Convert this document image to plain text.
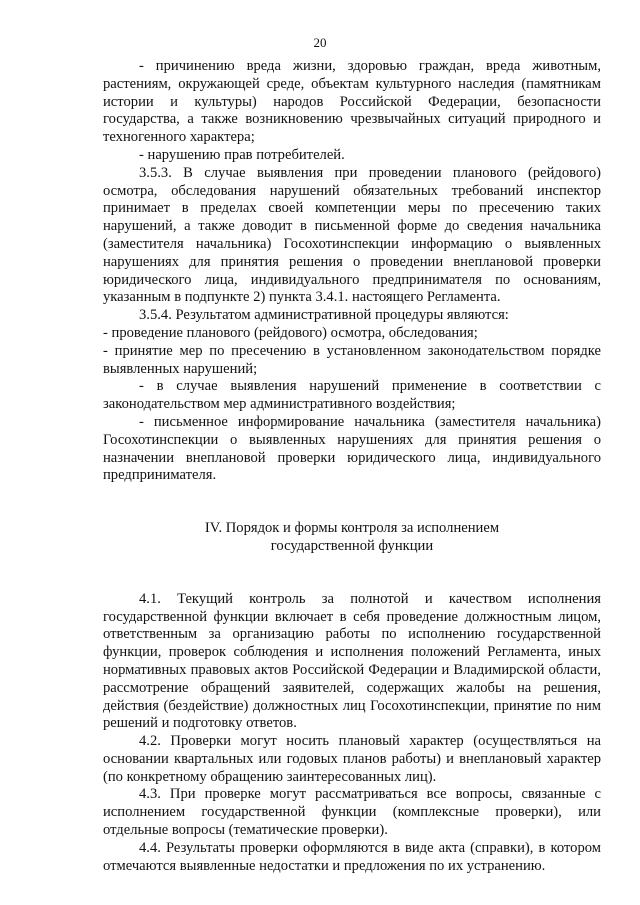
20

- причинению вреда жизни, здоровью граждан, вреда животным, растениям, окружающей среде, объектам культурного наследия (памятникам истории и культуры) народов Российской Федерации, безопасности государства, а также возникновению чрезвычайных ситуаций природного и техногенного характера;

- нарушению прав потребителей.

3.5.3. В случае выявления при проведении планового (рейдового) осмотра, обследования нарушений обязательных требований инспектор принимает в пределах своей компетенции меры по пресечению таких нарушений, а также доводит в письменной форме до сведения начальника (заместителя начальника) Госохотинспекции информацию о выявленных нарушениях для принятия решения о проведении внеплановой проверки юридического лица, индивидуального предпринимателя по основаниям, указанным в подпункте 2) пункта 3.4.1. настоящего Регламента.

3.5.4. Результатом административной процедуры являются:

- проведение планового (рейдового) осмотра, обследования;

- принятие мер по пресечению в установленном законодательством порядке выявленных нарушений;

- в случае выявления нарушений применение в соответствии с законодательством мер административного воздействия;

- письменное информирование начальника (заместителя начальника) Госохотинспекции о выявленных нарушениях для принятия решения о назначении внеплановой проверки юридического лица, индивидуального предпринимателя.

IV. Порядок и формы контроля за исполнением
государственной функции

4.1. Текущий контроль за полнотой и качеством исполнения государственной функции включает в себя проведение должностным лицом, ответственным за организацию работы по исполнению государственной функции, проверок соблюдения и исполнения положений Регламента, иных нормативных правовых актов Российской Федерации и Владимирской области, рассмотрение обращений заявителей, содержащих жалобы на решения, действия (бездействие) должностных лиц Госохотинспекции, принятие по ним решений и подготовку ответов.

4.2. Проверки могут носить плановый характер (осуществляться на основании квартальных или годовых планов работы) и внеплановый характер (по конкретному обращению заинтересованных лиц).

4.3. При проверке могут рассматриваться все вопросы, связанные с исполнением государственной функции (комплексные проверки), или отдельные вопросы (тематические проверки).

4.4. Результаты проверки оформляются в виде акта (справки), в котором отмечаются выявленные недостатки и предложения по их устранению.
